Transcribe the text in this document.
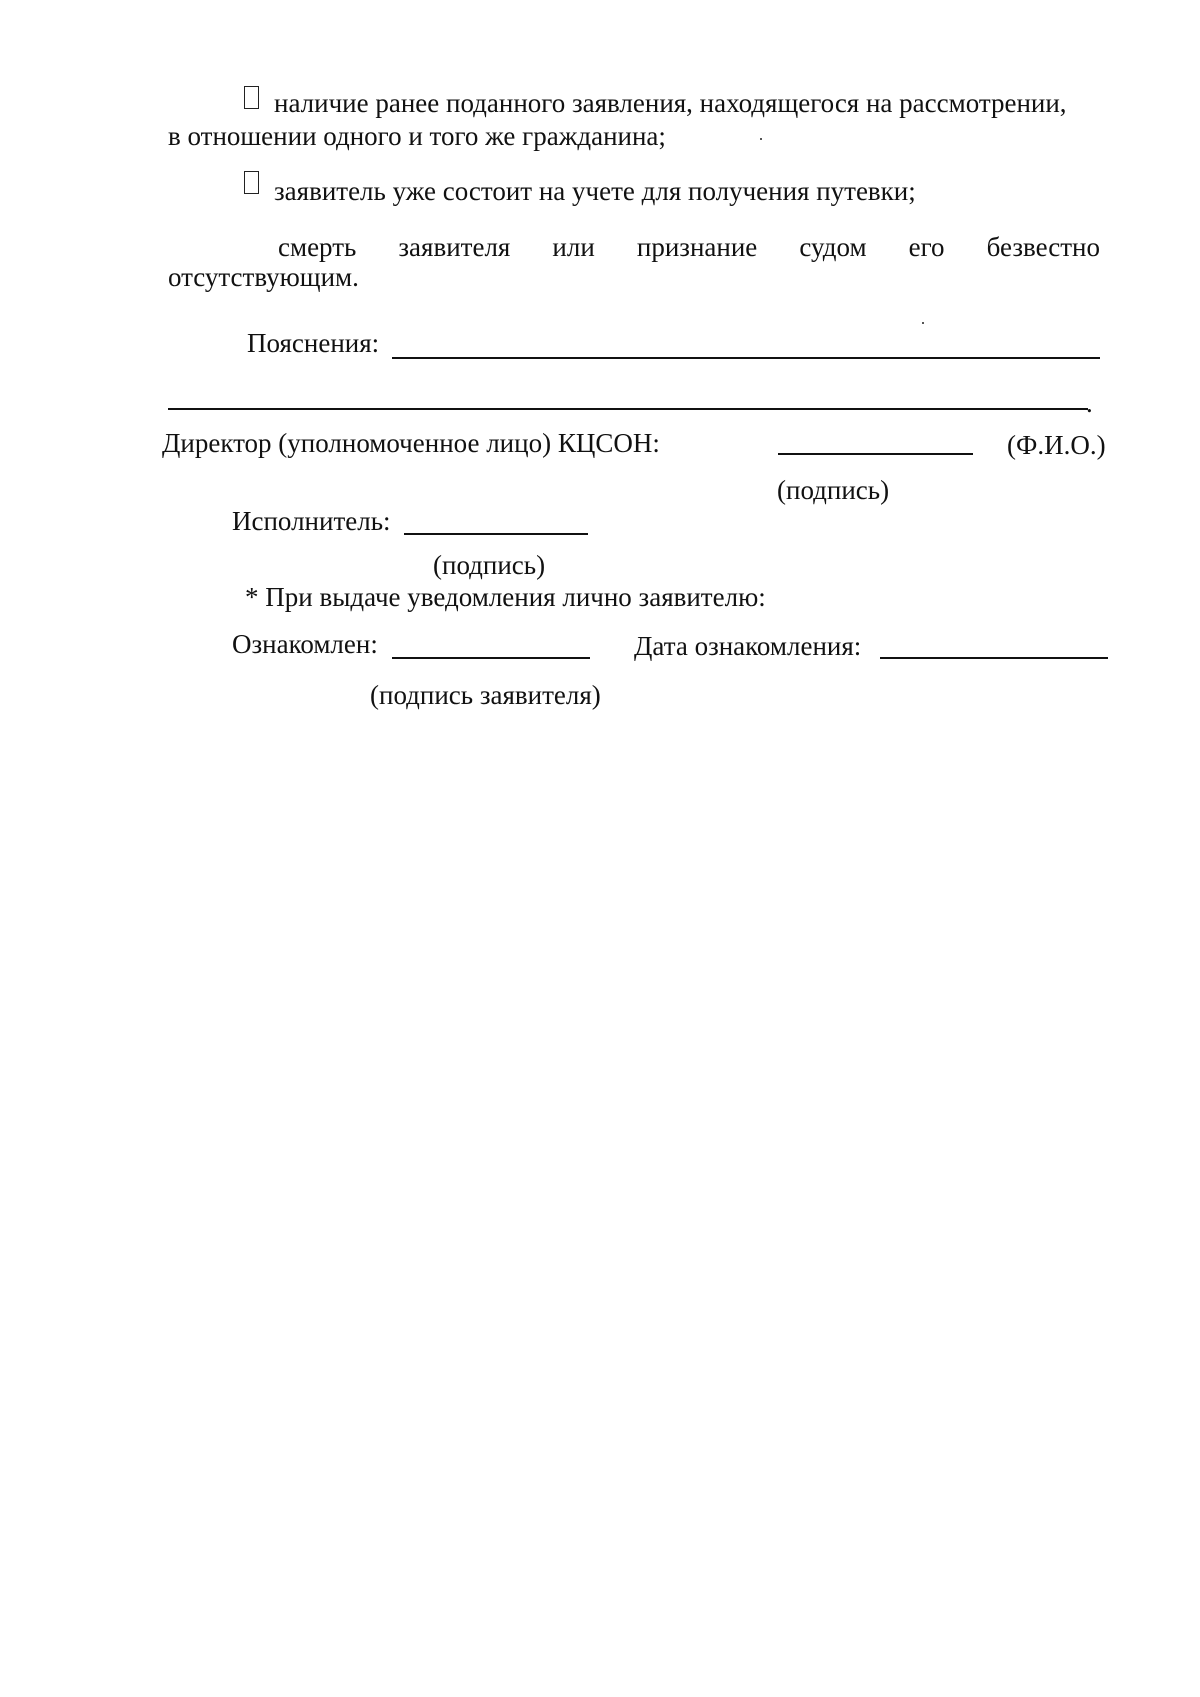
наличие ранее поданного заявления, находящегося на рассмотрении,
в отношении одного и того же гражданина;
заявитель уже состоит на учете для получения путевки;
смерть заявителя или признание судом его безвестно
отсутствующим.
Пояснения:
.
Директор (уполномоченное лицо) КЦСОН:	(Ф.И.О.)
(подпись)
Исполнитель:
(подпись)
* При выдаче уведомления лично заявителю:
Ознакомлен:	Дата ознакомления:
(подпись заявителя)
